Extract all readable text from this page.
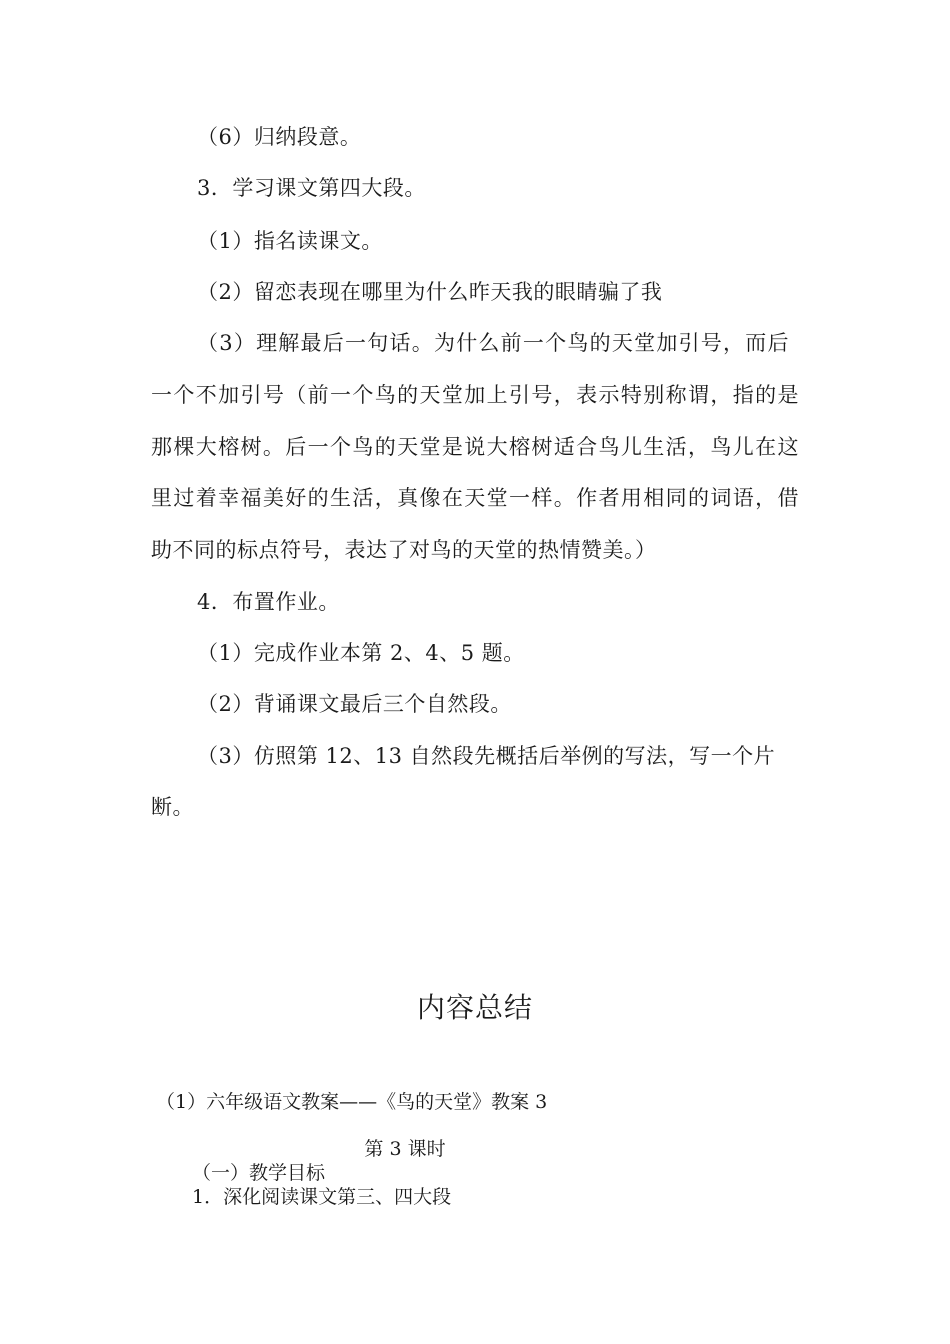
（6）归纳段意。
3．学习课文第四大段。
（1）指名读课文。
（2）留恋表现在哪里为什么昨天我的眼睛骗了我
（3）理解最后一句话。为什么前一个鸟的天堂加引号，而后
一个不加引号（前一个鸟的天堂加上引号，表示特别称谓，指的是
那棵大榕树。后一个鸟的天堂是说大榕树适合鸟儿生活，鸟儿在这
里过着幸福美好的生活，真像在天堂一样。作者用相同的词语，借
助不同的标点符号，表达了对鸟的天堂的热情赞美。）
4．布置作业。
（1）完成作业本第 2、4、5 题。
（2）背诵课文最后三个自然段。
（3）仿照第 12、13 自然段先概括后举例的写法，写一个片
断。
内容总结
（1）六年级语文教案——《鸟的天堂》教案 3
第 3 课时
（一）教学目标
1．深化阅读课文第三、四大段
